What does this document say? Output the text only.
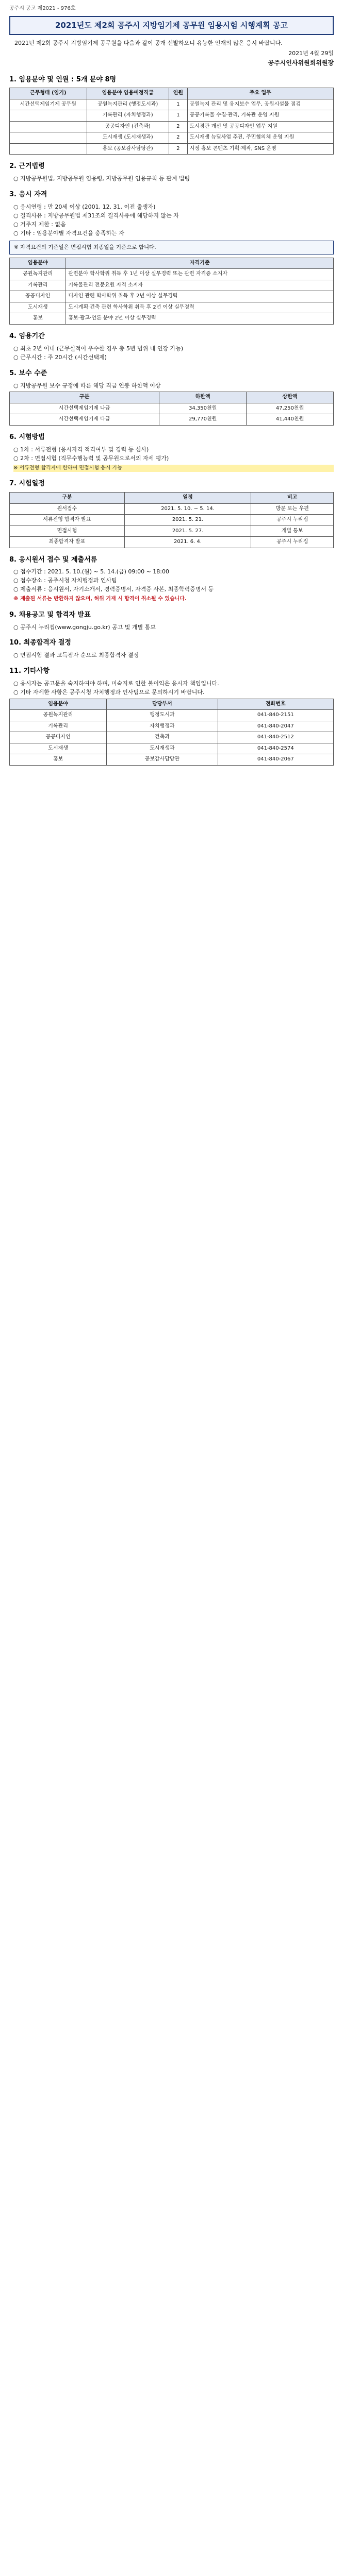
공주시 공고 제2021 - 976호
2021년도 제2회 공주시 지방임기제 공무원 임용시험 시행계획 공고

2021년 제2회 공주시 지방임기제 공무원을 다음과 같이 공개 선발하오니 유능한 인재의 많은 응시 바랍니다.

2021년 4월 29일
공주시인사위원회위원장
1. 임용분야 및 인원 : 5개 분야 8명
근무형태 (임기)	임용분야 임용예정직급	인원	주요 업무
시간선택제임기제 공무원	공원녹지관리 (행정도시과)	1	공원녹지 관리 및 유지보수 업무, 공원시설물 점검
	기록관리 (자치행정과)	1	공공기록물 수집·관리, 기록관 운영 지원
	공공디자인 (건축과)	2	도시경관 개선 및 공공디자인 업무 지원
	도시재생 (도시재생과)	2	도시재생 뉴딜사업 추진, 주민협의체 운영 지원
	홍보 (공보감사담당관)	2	시정 홍보 콘텐츠 기획·제작, SNS 운영
2. 근거법령
○ 지방공무원법, 지방공무원 임용령, 지방공무원 임용규칙 등 관계 법령
3. 응시 자격
○ 응시연령 : 만 20세 이상 (2001. 12. 31. 이전 출생자)
○ 결격사유 : 지방공무원법 제31조의 결격사유에 해당하지 않는 자
○ 거주지 제한 : 없음
○ 기타 : 임용분야별 자격요건을 충족하는 자
※ 자격요건의 기준일은 면접시험 최종일을 기준으로 합니다.
임용분야	자격기준
공원녹지관리	관련분야 학사학위 취득 후 1년 이상 실무경력 또는 관련 자격증 소지자
기록관리	기록물관리 전문요원 자격 소지자
공공디자인	디자인 관련 학사학위 취득 후 2년 이상 실무경력
도시재생	도시계획·건축 관련 학사학위 취득 후 2년 이상 실무경력
홍보	홍보·광고·언론 분야 2년 이상 실무경력
4. 임용기간
○ 최초 2년 이내 (근무실적이 우수한 경우 총 5년 범위 내 연장 가능)
○ 근무시간 : 주 20시간 (시간선택제)
5. 보수 수준
○ 지방공무원 보수 규정에 따른 해당 직급 연봉 하한액 이상
구분	하한액	상한액
시간선택제임기제 나급	34,350천원	47,250천원
시간선택제임기제 다급	29,770천원	41,440천원
6. 시험방법
○ 1차 : 서류전형 (응시자격 적격여부 및 경력 등 심사)
○ 2차 : 면접시험 (직무수행능력 및 공무원으로서의 자세 평가)
※ 서류전형 합격자에 한하여 면접시험 응시 가능
7. 시험일정
구분	일정	비고
원서접수	2021. 5. 10. ~ 5. 14.	방문 또는 우편
서류전형 합격자 발표	2021. 5. 21.	공주시 누리집
면접시험	2021. 5. 27.	개별 통보
최종합격자 발표	2021. 6. 4.	공주시 누리집
8. 응시원서 접수 및 제출서류
○ 접수기간 : 2021. 5. 10.(월) ~ 5. 14.(금) 09:00 ~ 18:00
○ 접수장소 : 공주시청 자치행정과 인사팀
○ 제출서류 : 응시원서, 자기소개서, 경력증명서, 자격증 사본, 최종학력증명서 등
※ 제출된 서류는 반환하지 않으며, 허위 기재 시 합격이 취소될 수 있습니다.
9. 채용공고 및 합격자 발표
○ 공주시 누리집(www.gongju.go.kr) 공고 및 개별 통보
10. 최종합격자 결정
○ 면접시험 결과 고득점자 순으로 최종합격자 결정
11. 기타사항
○ 응시자는 공고문을 숙지하여야 하며, 미숙지로 인한 불이익은 응시자 책임입니다.
○ 기타 자세한 사항은 공주시청 자치행정과 인사팀으로 문의하시기 바랍니다.
임용분야	담당부서	전화번호
공원녹지관리	행정도시과	041-840-2151
기록관리	자치행정과	041-840-2047
공공디자인	건축과	041-840-2512
도시재생	도시재생과	041-840-2574
홍보	공보감사담당관	041-840-2067
